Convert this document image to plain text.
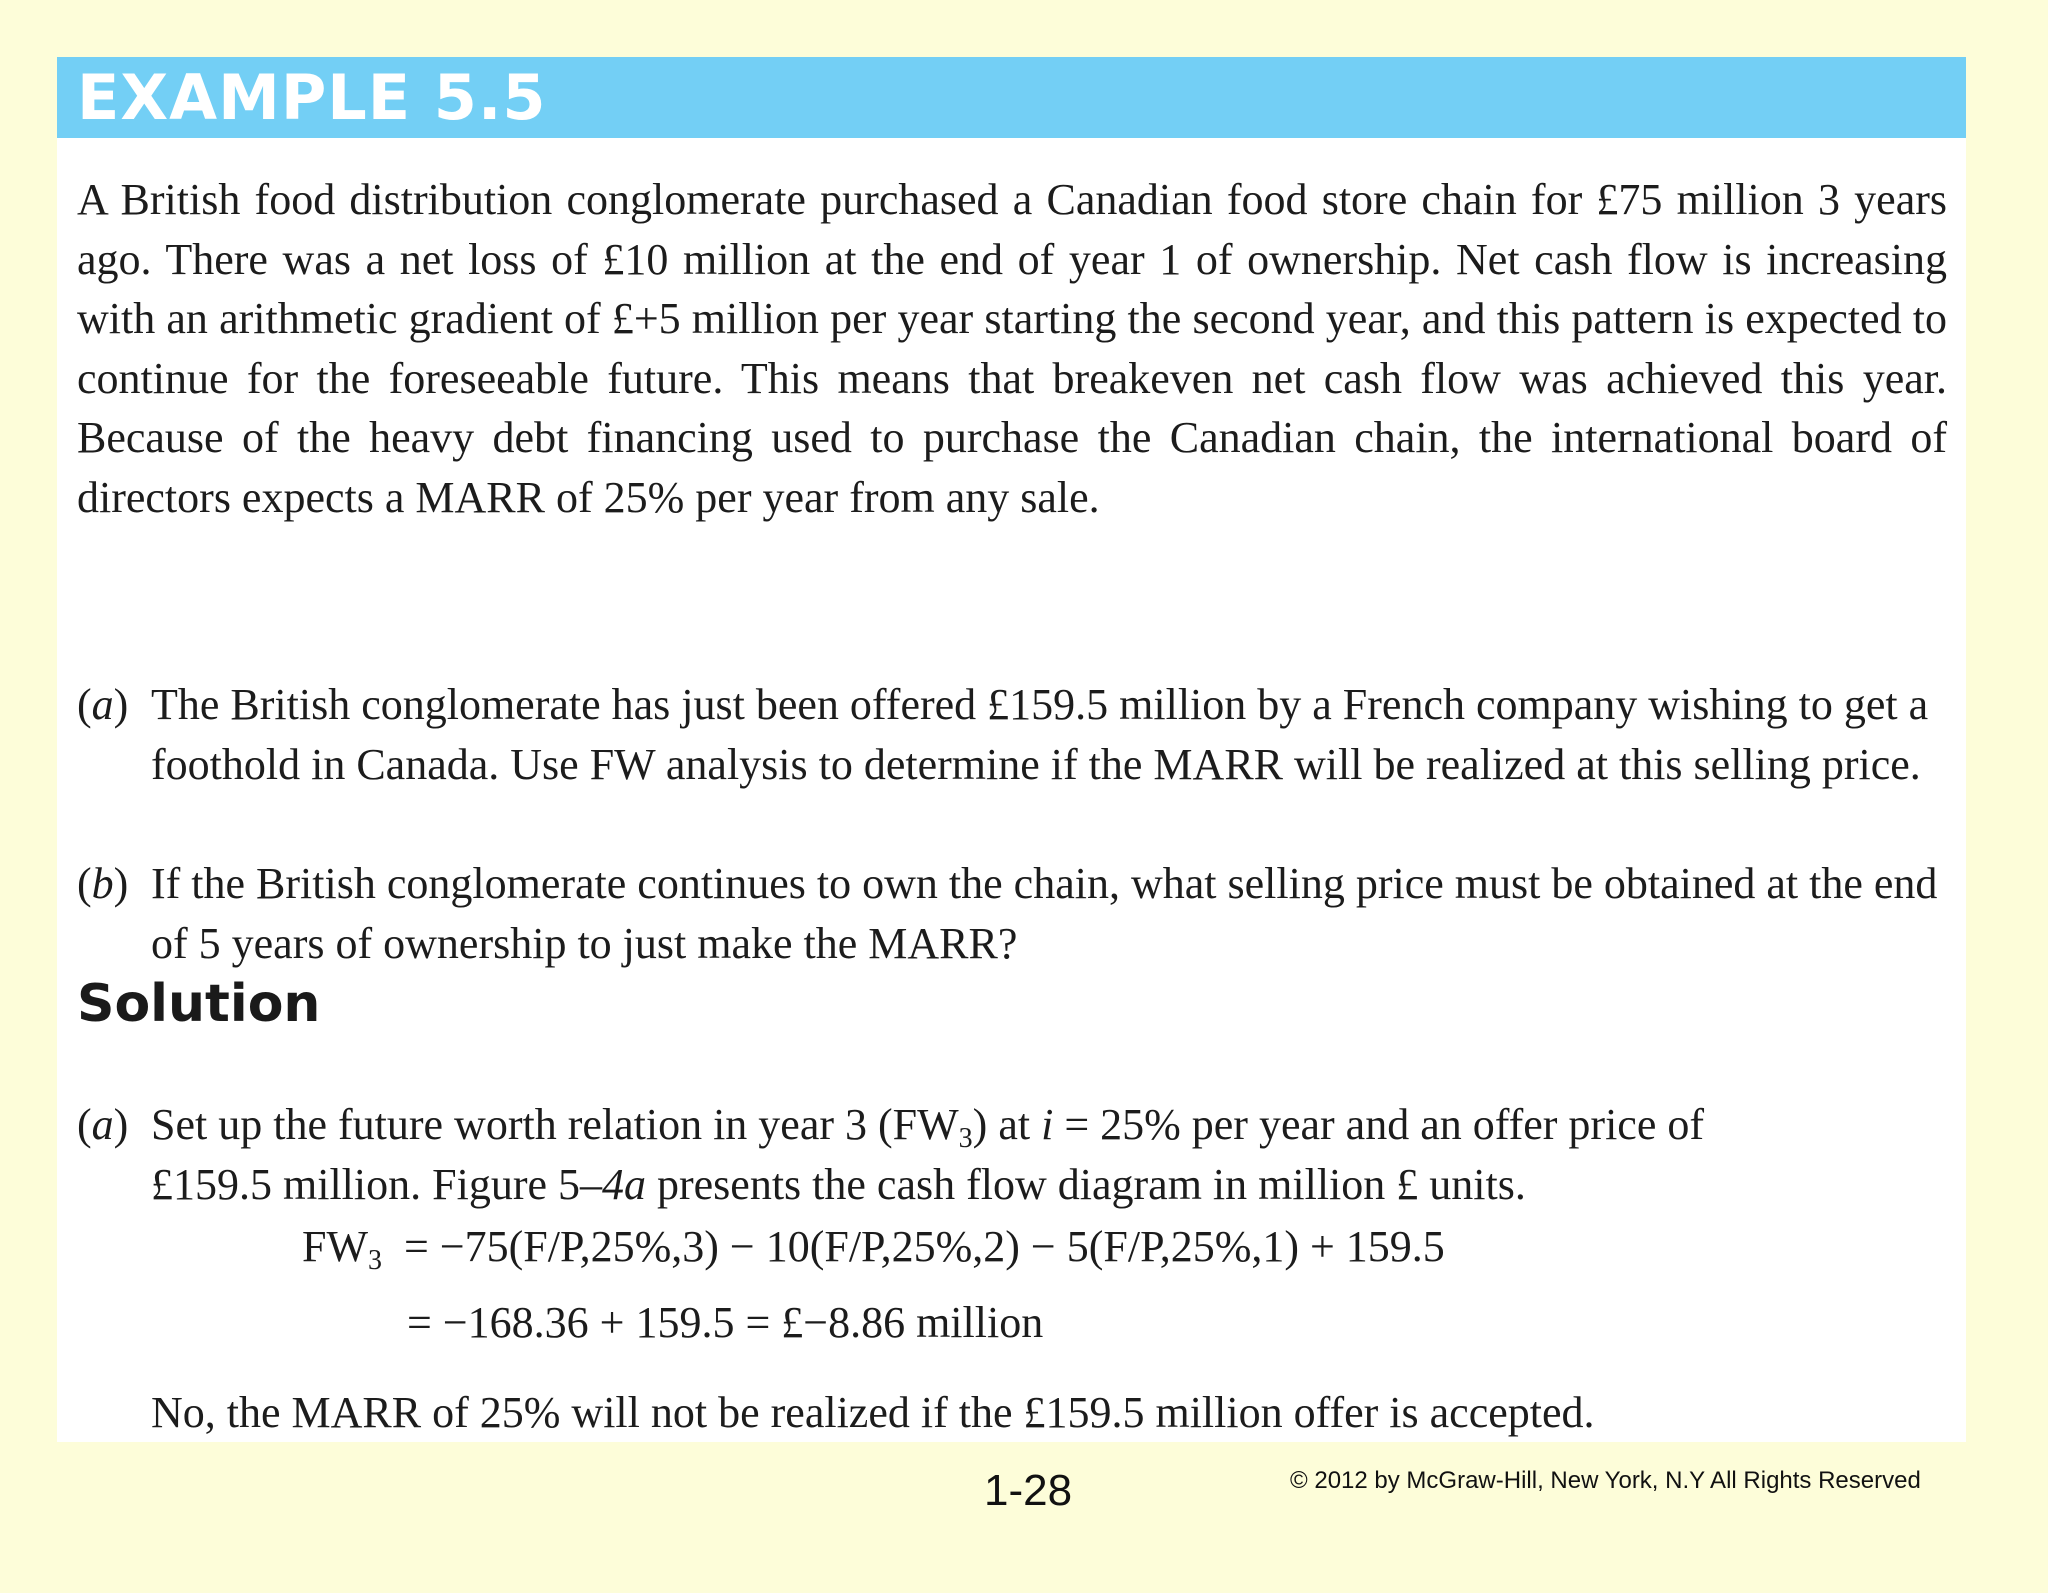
EXAMPLE 5.5

A British food distribution conglomerate purchased a Canadian food store chain for £75 million 3 years ago. There was a net loss of £10 million at the end of year 1 of ownership. Net cash flow is increasing with an arithmetic gradient of £+5 million per year starting the second year, and this pattern is expected to continue for the foreseeable future. This means that breakeven net cash flow was achieved this year. Because of the heavy debt financing used to purchase the Canadian chain, the international board of directors expects a MARR of 25% per year from any sale.

(a) The British conglomerate has just been offered £159.5 million by a French company wishing to get a foothold in Canada. Use FW analysis to determine if the MARR will be realized at this selling price.
(b) If the British conglomerate continues to own the chain, what selling price must be obtained at the end of 5 years of ownership to just make the MARR?
Solution
(a) Set up the future worth relation in year 3 $(FW_3)$ at i = 25% per year and an offer price of
£159.5 million. Figure 5–4a presents the cash flow diagram in million £ units.
$FW_3 = -75(F/P,25\%,3) - 10(F/P,25\%,2) - 5(F/P,25\%,1) + 159.5$
= −168.36 + 159.5 = £−8.86 million
No, the MARR of 25% will not be realized if the £159.5 million offer is accepted.
1-28	© 2012 by McGraw-Hill, New York, N.Y All Rights Reserved
